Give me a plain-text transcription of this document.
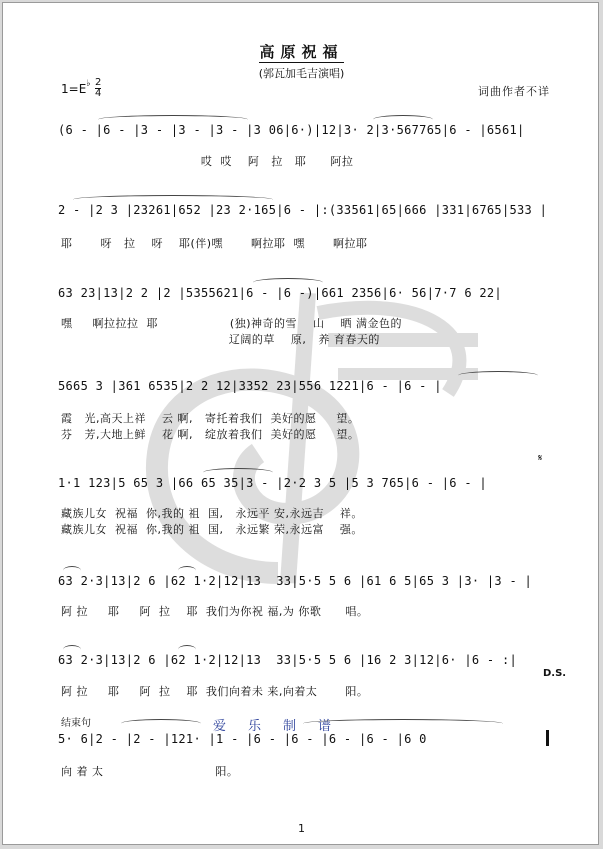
高原祝福
(郭瓦加毛吉演唱)
1=E♭ 2
4	词曲作者不详
(6 - |6 - |3 - |3 - |3 - |3 06|6·)|12|3· 2|3·567765|6 - |6561|
哎  哎    阿   拉   耶      阿拉
2 - |2 3 |23261|652 |23 2·165|6 - |:(33561|65|666 |331|6765|533 |
耶       呀   拉    呀    耶(伴)嘿       啊拉耶  嘿       啊拉耶
63 23|13|2 2 |2 |5355621|6 - |6 -)|661 2356|6· 56|7·7 6 22|
嘿     啊拉拉拉  耶                  (独)神奇的雪    山    晒 满金色的
辽阔的草    原,   养 育春天的
5665 3 |361 6535|2 2 12|3352 23|556 1221|6 - |6 - |
霞   光,高天上祥    云 啊,   寄托着我们  美好的愿     望。
芬   芳,大地上鲜    花 啊,   绽放着我们  美好的愿     望。
1·1 123|5 65 3 |66 65 35|3 - |2·2 3 5 |5 3 765|6 - |6 - |
藏族儿女  祝福  你,我的 祖  国,   永远平 安,永远吉    祥。
藏族儿女  祝福  你,我的 祖  国,   永远繁 荣,永远富    强。
𝄋
63 2·3|13|2 6 |62 1·2|12|13  33|5·5 5 6 |61 6 5|65 3 |3· |3 - |
阿 拉     耶     阿  拉    耶  我们为你祝 福,为 你歌      唱。
63 2·3|13|2 6 |62 1·2|12|13  33|5·5 5 6 |16 2 3|12|6· |6 - :|
阿 拉     耶     阿  拉    耶  我们向着未 来,向着太       阳。
D.S.
结束句	爱乐制谱
5· 6|2 - |2 - |121· |1 - |6 - |6 - |6 - |6 - |6 0
向 着 太                            阳。
1
